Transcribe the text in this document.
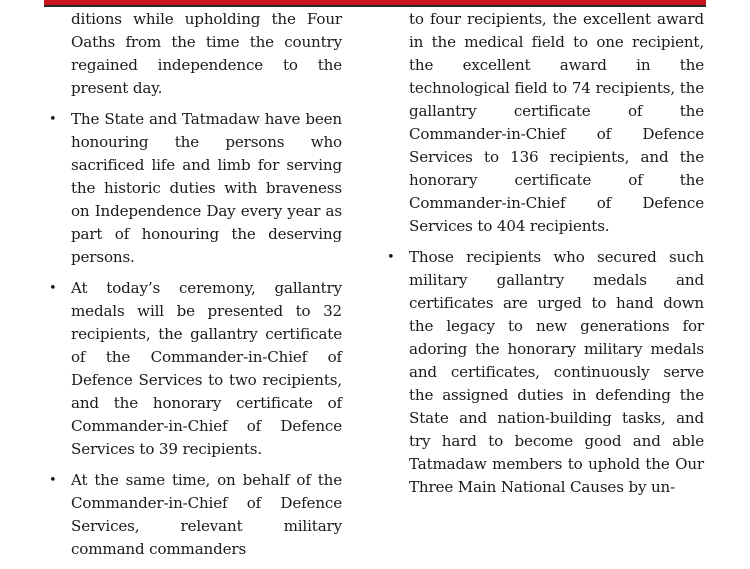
ditions while upholding the Four Oaths from the time the country regained independence to the present day.

• The State and Tatmadaw have been honouring the persons who sacrificed life and limb for serving the historic duties with braveness on Independence Day every year as part of honouring the deserving persons.

• At today’s ceremony, gallantry medals will be presented to 32 recipients, the gallantry certificate of the Commander-in-Chief of Defence Services to two recipients, and the honorary certificate of Commander-in-Chief of Defence Services to 39 recipients.

• At the same time, on behalf of the Commander-in-Chief of Defence Services, relevant military command commanders

to four recipients, the excellent award in the medical field to one recipient, the excellent award in the technological field to 74 recipients, the gallantry certificate of the Commander-in-Chief of Defence Services to 136 recipients, and the honorary certificate of the Commander-in-Chief of Defence Services to 404 recipients.

• Those recipients who secured such military gallantry medals and certificates are urged to hand down the legacy to new generations for adoring the honorary military medals and certificates, continuously serve the assigned duties in defending the State and nation-building tasks, and try hard to become good and able Tatmadaw members to uphold the Our Three Main National Causes by un-
